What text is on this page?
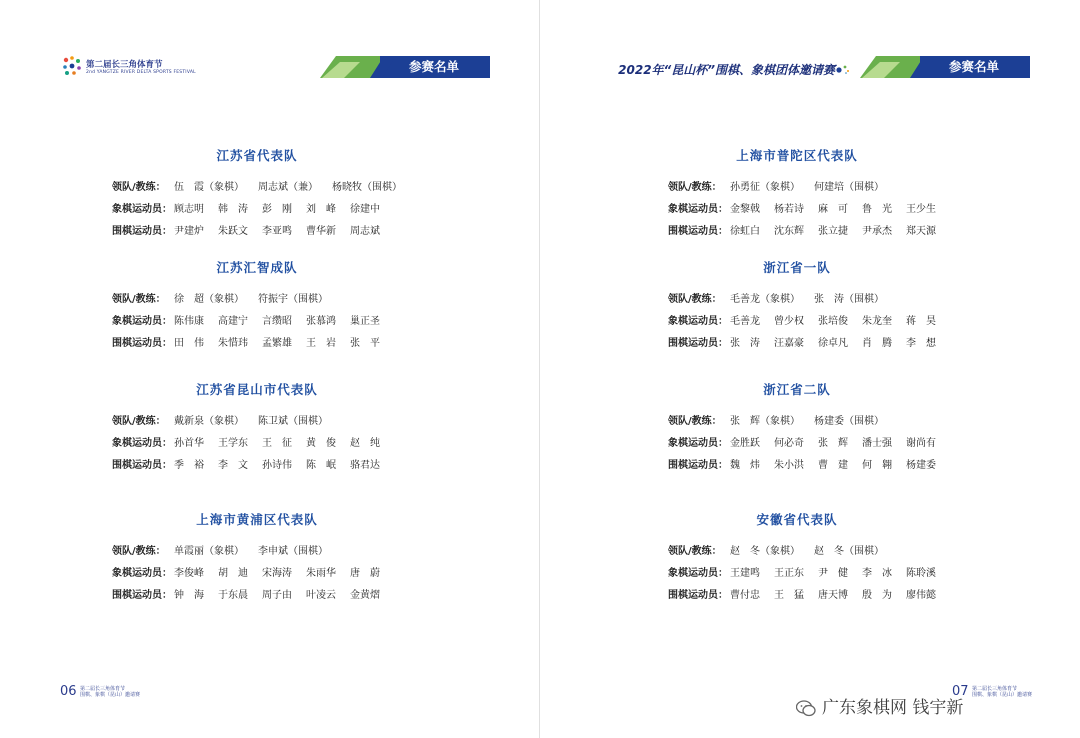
第二届长三角体育节
2nd YANGTZE RIVER DELTA SPORTS FESTIVAL	参赛名单
江苏省代表队
领队/教练： 伍　霞（象棋） 周志斌（兼） 杨晓牧（围棋）
象棋运动员： 顾志明 韩　涛 彭　刚 刘　峰 徐建中
围棋运动员： 尹建炉 朱跃文 李亚鸣 曹华新 周志斌
江苏汇智成队
领队/教练： 徐　超（象棋） 符振宇（围棋）
象棋运动员： 陈伟康 高建宁 言缵昭 张慕鸿 巢正圣
围棋运动员： 田　伟 朱惜玮 孟繁雄 王　岩 张　平
江苏省昆山市代表队
领队/教练： 戴新泉（象棋） 陈卫斌（围棋）
象棋运动员： 孙首华 王学东 王　征 黄　俊 赵　纯
围棋运动员： 季　裕 李　文 孙诗伟 陈　岷 骆君达
上海市黄浦区代表队
领队/教练： 单霞丽（象棋） 李申斌（围棋）
象棋运动员： 李俊峰 胡　迪 宋海涛 朱雨华 唐　蔚
围棋运动员： 钟　海 于东晨 周子由 叶凌云 金黄熠
06 第二届长三角体育节
围棋、象棋（昆山）邀请赛
2022年“昆山杯”围棋、象棋团体邀请赛	参赛名单
上海市普陀区代表队
领队/教练： 孙勇征（象棋） 何建培（围棋）
象棋运动员： 金黎戟 杨若诗 麻　可 鲁　光 王少生
围棋运动员： 徐虹白 沈东辉 张立捷 尹承杰 郑天源
浙江省一队
领队/教练： 毛善龙（象棋） 张　涛（围棋）
象棋运动员： 毛善龙 曾少权 张培俊 朱龙奎 蒋　昊
围棋运动员： 张　涛 汪嘉豪 徐卓凡 肖　腾 李　想
浙江省二队
领队/教练： 张　辉（象棋） 杨建委（围棋）
象棋运动员： 金胜跃 何必奇 张　辉 潘士强 谢尚有
围棋运动员： 魏　炜 朱小洪 曹　建 何　翱 杨建委
安徽省代表队
领队/教练： 赵　冬（象棋） 赵　冬（围棋）
象棋运动员： 王建鸣 王正东 尹　健 李　冰 陈聆溪
围棋运动员： 曹付忠 王　猛 唐天博 殷　为 廖伟懿
07 第二届长三角体育节
围棋、象棋（昆山）邀请赛
广东象棋网 钱宇新
